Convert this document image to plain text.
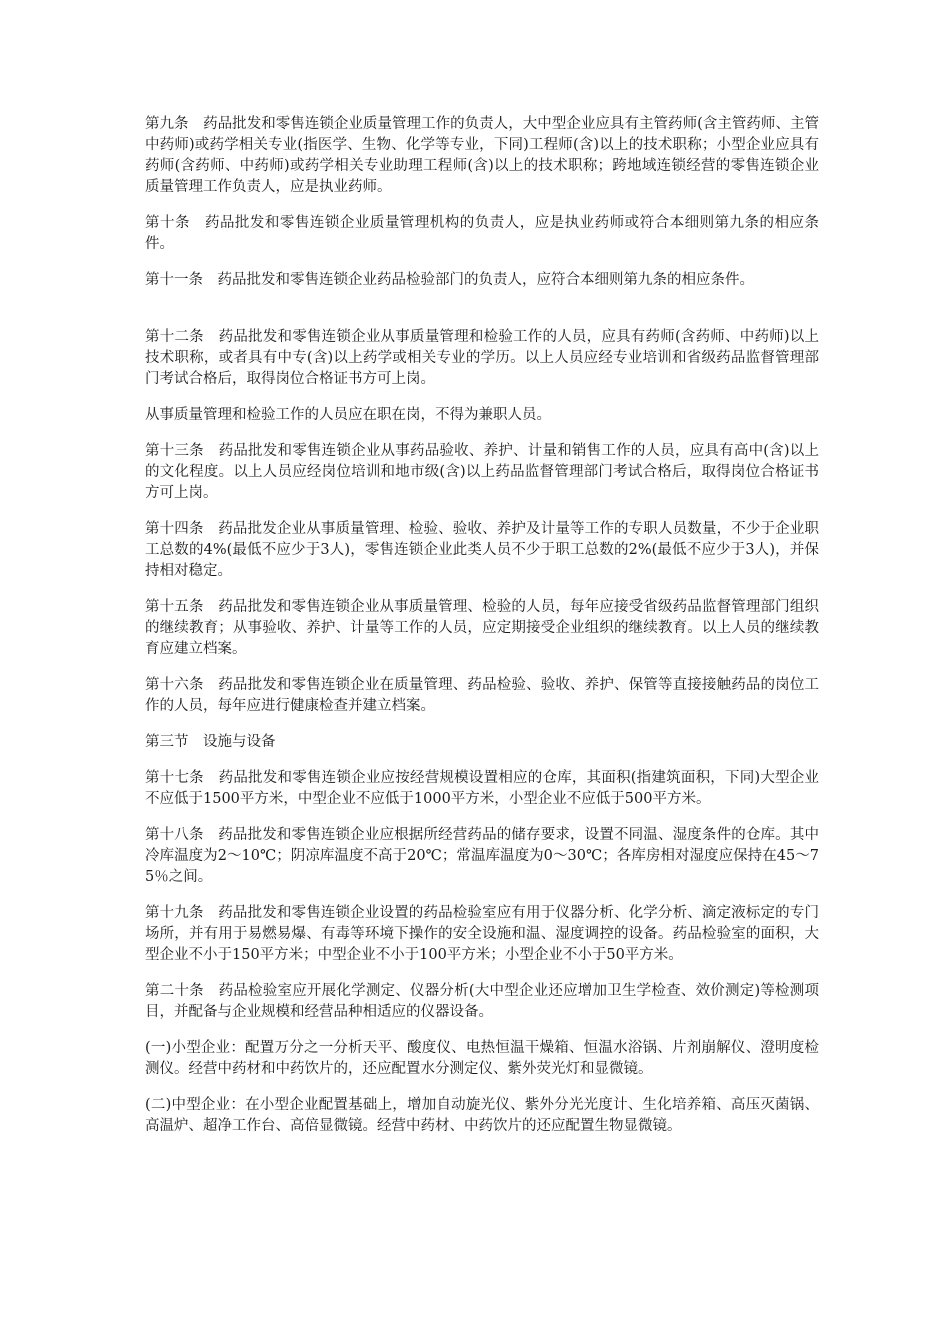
第九条　药品批发和零售连锁企业质量管理工作的负责人，大中型企业应具有主管药师(含主管药师、主管中药师)或药学相关专业(指医学、生物、化学等专业，下同)工程师(含)以上的技术职称；小型企业应具有药师(含药师、中药师)或药学相关专业助理工程师(含)以上的技术职称；跨地域连锁经营的零售连锁企业质量管理工作负责人，应是执业药师。

第十条　药品批发和零售连锁企业质量管理机构的负责人，应是执业药师或符合本细则第九条的相应条件。

第十一条　药品批发和零售连锁企业药品检验部门的负责人，应符合本细则第九条的相应条件。

第十二条　药品批发和零售连锁企业从事质量管理和检验工作的人员，应具有药师(含药师、中药师)以上技术职称，或者具有中专(含)以上药学或相关专业的学历。以上人员应经专业培训和省级药品监督管理部门考试合格后，取得岗位合格证书方可上岗。

从事质量管理和检验工作的人员应在职在岗，不得为兼职人员。

第十三条　药品批发和零售连锁企业从事药品验收、养护、计量和销售工作的人员，应具有高中(含)以上的文化程度。以上人员应经岗位培训和地市级(含)以上药品监督管理部门考试合格后，取得岗位合格证书方可上岗。

第十四条　药品批发企业从事质量管理、检验、验收、养护及计量等工作的专职人员数量，不少于企业职工总数的4%(最低不应少于3人)，零售连锁企业此类人员不少于职工总数的2%(最低不应少于3人)，并保持相对稳定。

第十五条　药品批发和零售连锁企业从事质量管理、检验的人员，每年应接受省级药品监督管理部门组织的继续教育；从事验收、养护、计量等工作的人员，应定期接受企业组织的继续教育。以上人员的继续教育应建立档案。

第十六条　药品批发和零售连锁企业在质量管理、药品检验、验收、养护、保管等直接接触药品的岗位工作的人员，每年应进行健康检查并建立档案。

第三节　设施与设备

第十七条　药品批发和零售连锁企业应按经营规模设置相应的仓库，其面积(指建筑面积，下同)大型企业不应低于1500平方米，中型企业不应低于1000平方米，小型企业不应低于500平方米。

第十八条　药品批发和零售连锁企业应根据所经营药品的储存要求，设置不同温、湿度条件的仓库。其中冷库温度为2～10℃；阴凉库温度不高于20℃；常温库温度为0～30℃；各库房相对湿度应保持在45～75％之间。

第十九条　药品批发和零售连锁企业设置的药品检验室应有用于仪器分析、化学分析、滴定液标定的专门场所，并有用于易燃易爆、有毒等环境下操作的安全设施和温、湿度调控的设备。药品检验室的面积，大型企业不小于150平方米；中型企业不小于100平方米；小型企业不小于50平方米。

第二十条　药品检验室应开展化学测定、仪器分析(大中型企业还应增加卫生学检查、效价测定)等检测项目，并配备与企业规模和经营品种相适应的仪器设备。

(一)小型企业：配置万分之一分析天平、酸度仪、电热恒温干燥箱、恒温水浴锅、片剂崩解仪、澄明度检测仪。经营中药材和中药饮片的，还应配置水分测定仪、紫外荧光灯和显微镜。

(二)中型企业：在小型企业配置基础上，增加自动旋光仪、紫外分光光度计、生化培养箱、高压灭菌锅、高温炉、超净工作台、高倍显微镜。经营中药材、中药饮片的还应配置生物显微镜。
